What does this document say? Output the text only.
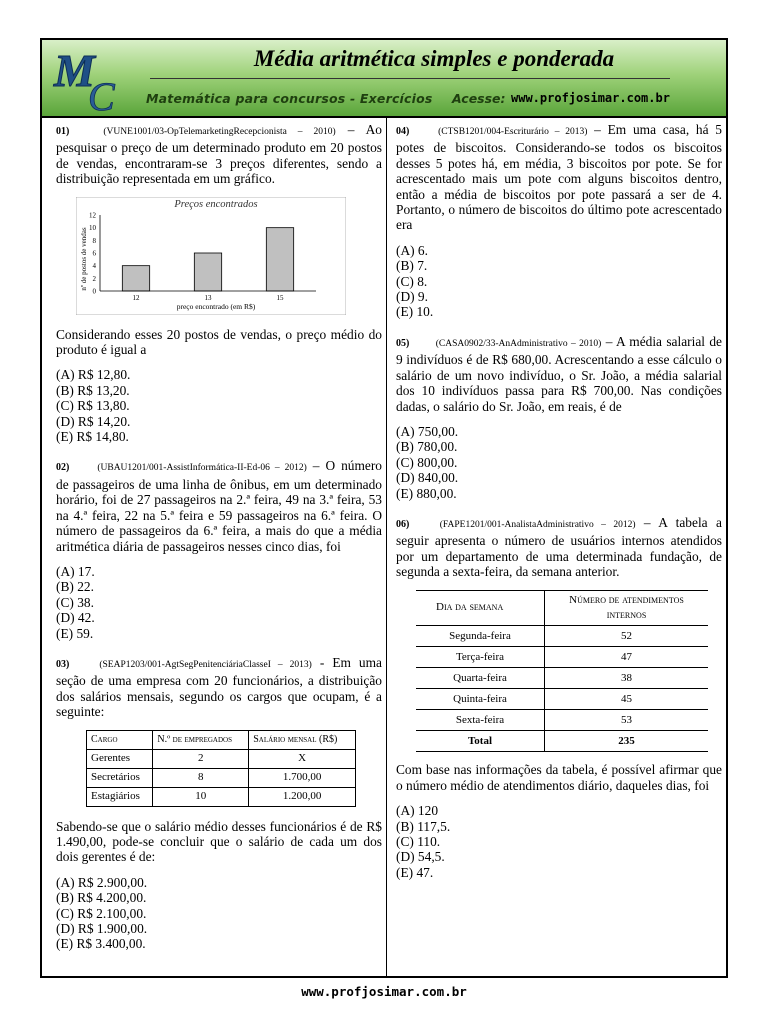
M
C
Média aritmética simples e ponderada
Matemática para concursos - Exercícios Acesse: www.profjosimar.com.br
01)	(VUNE1001/03-OpTelemarketingRecepcionista – 2010) – Ao pesquisar o preço de um determinado produto em 20 postos de vendas, encontraram-se 3 preços diferentes, sendo a distribuição representada em um gráfico.
Preços encontrados
0
2
4
6
8
10
12
12	13	15
preço encontrado (em R$)
nº de postos de vendas

Considerando esses 20 postos de vendas, o preço médio do produto é igual a

(A) R$ 12,80.
(B) R$ 13,20.
(C) R$ 13,80.
(D) R$ 14,20.
(E) R$ 14,80.
02)	(UBAU1201/001-AssistInformática-II-Ed-06 – 2012) – O número de passageiros de uma linha de ônibus, em um determinado horário, foi de 27 passageiros na 2.ª feira, 49 na 3.ª feira, 53 na 4.ª feira, 22 na 5.ª feira e 59 passageiros na 6.ª feira. O número de passageiros da 6.ª feira, a mais do que a média aritmética diária de passageiros nesses cinco dias, foi
(A) 17.
(B) 22.
(C) 38.
(D) 42.
(E) 59.
03)	(SEAP1203/001-AgtSegPenitenciáriaClasseI – 2013) - Em uma seção de uma empresa com 20 funcionários, a distribuição dos salários mensais, segundo os cargos que ocupam, é a seguinte:
Cargo	N.º de empregados	Salário mensal (R$)
Gerentes	2	X
Secretários	8	1.700,00
Estagiários	10	1.200,00

Sabendo-se que o salário médio desses funcionários é de R$ 1.490,00, pode-se concluir que o salário de cada um dos dois gerentes é de:

(A) R$ 2.900,00.
(B) R$ 4.200,00.
(C) R$ 2.100,00.
(D) R$ 1.900,00.
(E) R$ 3.400,00.
04)	(CTSB1201/004-Escriturário – 2013) – Em uma casa, há 5 potes de biscoitos. Considerando-se todos os biscoitos desses 5 potes há, em média, 3 biscoitos por pote. Se for acrescentado mais um pote com alguns biscoitos dentro, então a média de biscoitos por pote passará a ser de 4. Portanto, o número de biscoitos do último pote acrescentado era
(A) 6.
(B) 7.
(C) 8.
(D) 9.
(E) 10.
05)	(CASA0902/33-AnAdministrativo – 2010) – A média salarial de 9 indivíduos é de R$ 680,00. Acrescentando a esse cálculo o salário de um novo indivíduo, o Sr. João, a média salarial dos 10 indivíduos passa para R$ 700,00. Nas condições dadas, o salário do Sr. João, em reais, é de
(A) 750,00.
(B) 780,00.
(C) 800,00.
(D) 840,00.
(E) 880,00.
06)	(FAPE1201/001-AnalistaAdministrativo – 2012) – A tabela a seguir apresenta o número de usuários internos atendidos por um departamento de uma determinada fundação, de segunda a sexta-feira, da semana anterior.
Dia da semana	Número de atendimentos internos
Segunda-feira	52
Terça-feira	47
Quarta-feira	38
Quinta-feira	45
Sexta-feira	53
Total	235

Com base nas informações da tabela, é possível afirmar que o número médio de atendimentos diário, daqueles dias, foi

(A) 120
(B) 117,5.
(C) 110.
(D) 54,5.
(E) 47.
www.profjosimar.com.br
